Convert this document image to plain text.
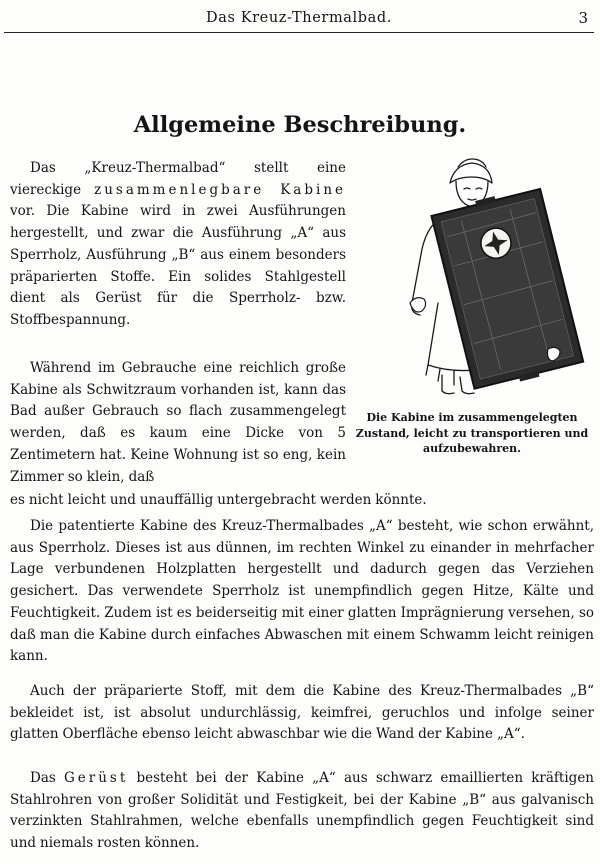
Das Kreuz-Thermalbad.	3
Allgemeine Beschreibung.

Das „Kreuz-Thermalbad“ stellt eine viereckige zusammenlegbare Kabine vor. Die Kabine wird in zwei Ausführungen hergestellt, und zwar die Ausführung „A“ aus Sperrholz, Ausführung „B“ aus einem besonders präparierten Stoffe. Ein solides Stahlgestell dient als Gerüst für die Sperrholz- bzw. Stoffbespannung.

Während im Gebrauche eine reichlich große Kabine als Schwitzraum vorhanden ist, kann das Bad außer Gebrauch so flach zusammengelegt werden, daß es kaum eine Dicke von 5 Zentimetern hat. Keine Wohnung ist so eng, kein Zimmer so klein, daß

es nicht leicht und unauffällig untergebracht werden könnte.

Die patentierte Kabine des Kreuz-Thermalbades „A“ besteht, wie schon erwähnt, aus Sperrholz. Dieses ist aus dünnen, im rechten Winkel zu einander in mehrfacher Lage verbundenen Holzplatten hergestellt und dadurch gegen das Verziehen gesichert. Das verwendete Sperrholz ist unempfindlich gegen Hitze, Kälte und Feuchtigkeit. Zudem ist es beiderseitig mit einer glatten Imprägnierung versehen, so daß man die Kabine durch einfaches Abwaschen mit einem Schwamm leicht reinigen kann.

Auch der präparierte Stoff, mit dem die Kabine des Kreuz-Thermalbades „B“ bekleidet ist, ist absolut undurchlässig, keimfrei, geruchlos und infolge seiner glatten Oberfläche ebenso leicht abwaschbar wie die Wand der Kabine „A“.

Das Gerüst besteht bei der Kabine „A“ aus schwarz emaillierten kräftigen Stahlrohren von großer Solidität und Festigkeit, bei der Kabine „B“ aus galvanisch verzinkten Stahlrahmen, welche ebenfalls unempfindlich gegen Feuchtigkeit sind und niemals rosten können.

Die Kabine im zusammengelegten Zustand, leicht zu transportieren und aufzubewahren.
